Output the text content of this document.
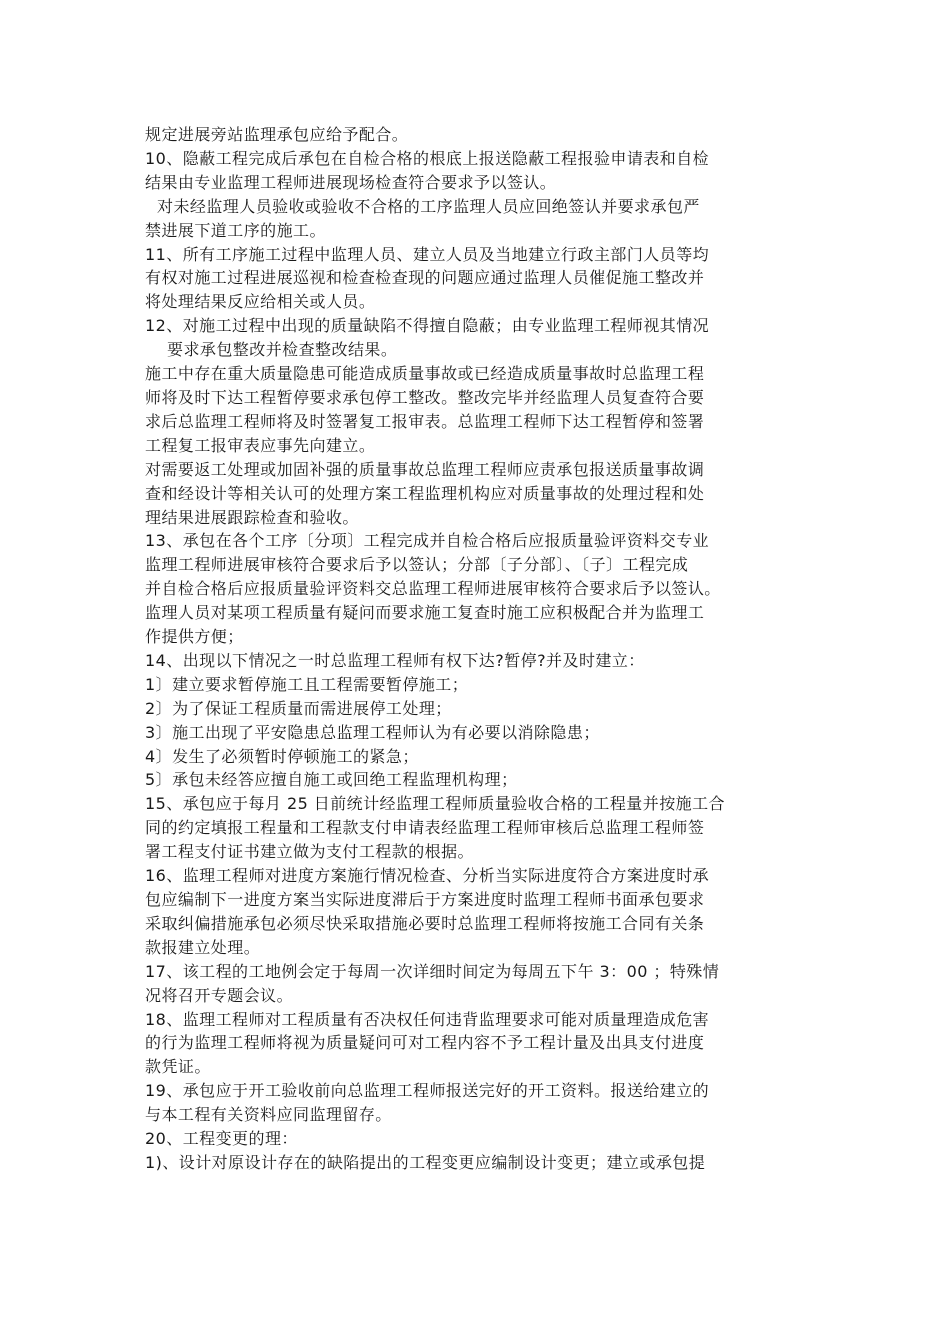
规定进展旁站监理承包应给予配合。
10、隐蔽工程完成后承包在自检合格的根底上报送隐蔽工程报验申请表和自检
结果由专业监理工程师进展现场检查符合要求予以签认。
对未经监理人员验收或验收不合格的工序监理人员应回绝签认并要求承包严
禁进展下道工序的施工。
11、所有工序施工过程中监理人员、建立人员及当地建立行政主部门人员等均
有权对施工过程进展巡视和检查检查现的问题应通过监理人员催促施工整改并
将处理结果反应给相关或人员。
12、对施工过程中出现的质量缺陷不得擅自隐蔽；由专业监理工程师视其情况
要求承包整改并检查整改结果。
施工中存在重大质量隐患可能造成质量事故或已经造成质量事故时总监理工程
师将及时下达工程暂停要求承包停工整改。整改完毕并经监理人员复查符合要
求后总监理工程师将及时签署复工报审表。总监理工程师下达工程暂停和签署
工程复工报审表应事先向建立。
对需要返工处理或加固补强的质量事故总监理工程师应责承包报送质量事故调
查和经设计等相关认可的处理方案工程监理机构应对质量事故的处理过程和处
理结果进展跟踪检查和验收。
13、承包在各个工序〔分项〕工程完成并自检合格后应报质量验评资料交专业
监理工程师进展审核符合要求后予以签认；分部〔子分部〕、〔子〕工程完成
并自检合格后应报质量验评资料交总监理工程师进展审核符合要求后予以签认。
监理人员对某项工程质量有疑问而要求施工复查时施工应积极配合并为监理工
作提供方便；
14、出现以下情况之一时总监理工程师有权下达?暂停?并及时建立：
1〕建立要求暂停施工且工程需要暂停施工；
2〕为了保证工程质量而需进展停工处理；
3〕施工出现了平安隐患总监理工程师认为有必要以消除隐患；
4〕发生了必须暂时停顿施工的紧急；
5〕承包未经答应擅自施工或回绝工程监理机构理；
15、承包应于每月 25 日前统计经监理工程师质量验收合格的工程量并按施工合
同的约定填报工程量和工程款支付申请表经监理工程师审核后总监理工程师签
署工程支付证书建立做为支付工程款的根据。
16、监理工程师对进度方案施行情况检查、分析当实际进度符合方案进度时承
包应编制下一进度方案当实际进度滞后于方案进度时监理工程师书面承包要求
采取纠偏措施承包必须尽快采取措施必要时总监理工程师将按施工合同有关条
款报建立处理。
17、该工程的工地例会定于每周一次详细时间定为每周五下午 3：00 ；特殊情
况将召开专题会议。
18、监理工程师对工程质量有否决权任何违背监理要求可能对质量理造成危害
的行为监理工程师将视为质量疑问可对工程内容不予工程计量及出具支付进度
款凭证。
19、承包应于开工验收前向总监理工程师报送完好的开工资料。报送给建立的
与本工程有关资料应同监理留存。
20、工程变更的理：
1)、设计对原设计存在的缺陷提出的工程变更应编制设计变更；建立或承包提
